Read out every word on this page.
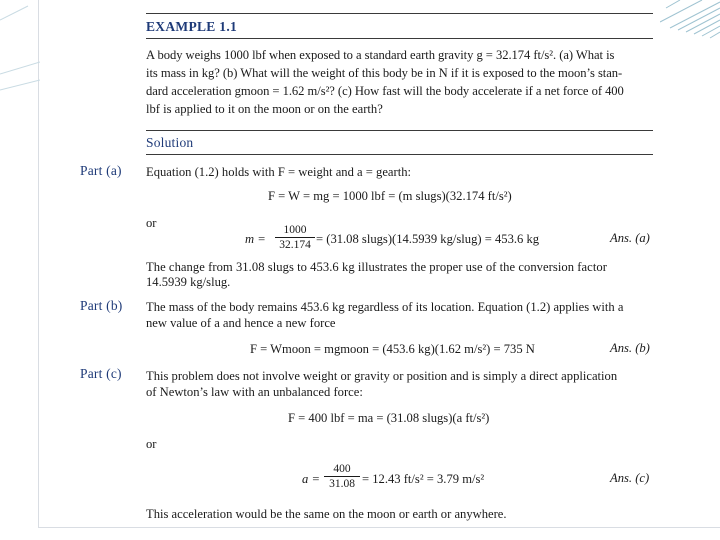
EXAMPLE 1.1
A body weighs 1000 lbf when exposed to a standard earth gravity g = 32.174 ft/s². (a) What is
its mass in kg? (b) What will the weight of this body be in N if it is exposed to the moon’s stan-
dard acceleration gmoon = 1.62 m/s²? (c) How fast will the body accelerate if a net force of 400
lbf is applied to it on the moon or on the earth?
Solution
Part (a) Equation (1.2) holds with F = weight and a = gearth:
F = W = mg = 1000 lbf = (m slugs)(32.174 ft/s²)
or
m =
1000
32.174 = (31.08 slugs)(14.5939 kg/slug) = 453.6 kg	Ans. (a)
The change from 31.08 slugs to 453.6 kg illustrates the proper use of the conversion factor
14.5939 kg/slug.
Part (b) The mass of the body remains 453.6 kg regardless of its location. Equation (1.2) applies with a
new value of a and hence a new force
F = Wmoon = mgmoon = (453.6 kg)(1.62 m/s²) = 735 N	Ans. (b)
Part (c) This problem does not involve weight or gravity or position and is simply a direct application
of Newton’s law with an unbalanced force:
F = 400 lbf = ma = (31.08 slugs)(a ft/s²)
or
a =
400
31.08 = 12.43 ft/s² = 3.79 m/s²	Ans. (c)
This acceleration would be the same on the moon or earth or anywhere.
